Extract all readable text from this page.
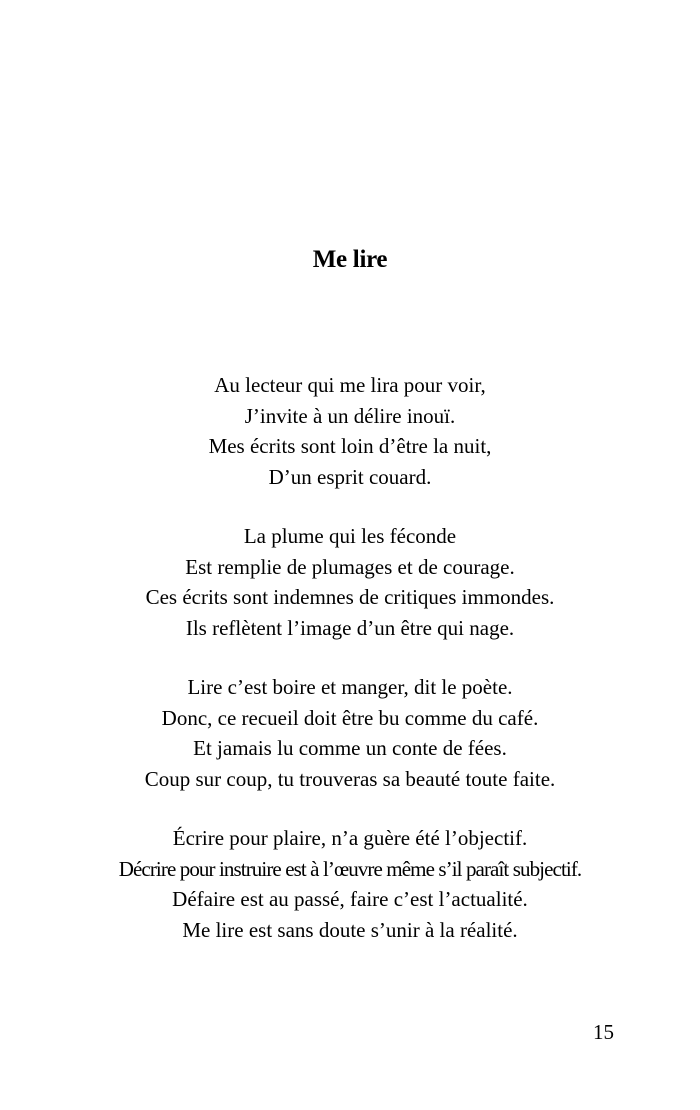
Me lire
Au lecteur qui me lira pour voir,
J’invite à un délire inouï.
Mes écrits sont loin d’être la nuit,
D’un esprit couard.
La plume qui les féconde
Est remplie de plumages et de courage.
Ces écrits sont indemnes de critiques immondes.
Ils reflètent l’image d’un être qui nage.
Lire c’est boire et manger, dit le poète.
Donc, ce recueil doit être bu comme du café.
Et jamais lu comme un conte de fées.
Coup sur coup, tu trouveras sa beauté toute faite.
Écrire pour plaire, n’a guère été l’objectif.
Décrire pour instruire est à l’œuvre même s’il paraît subjectif.
Défaire est au passé, faire c’est l’actualité.
Me lire est sans doute s’unir à la réalité.
15
